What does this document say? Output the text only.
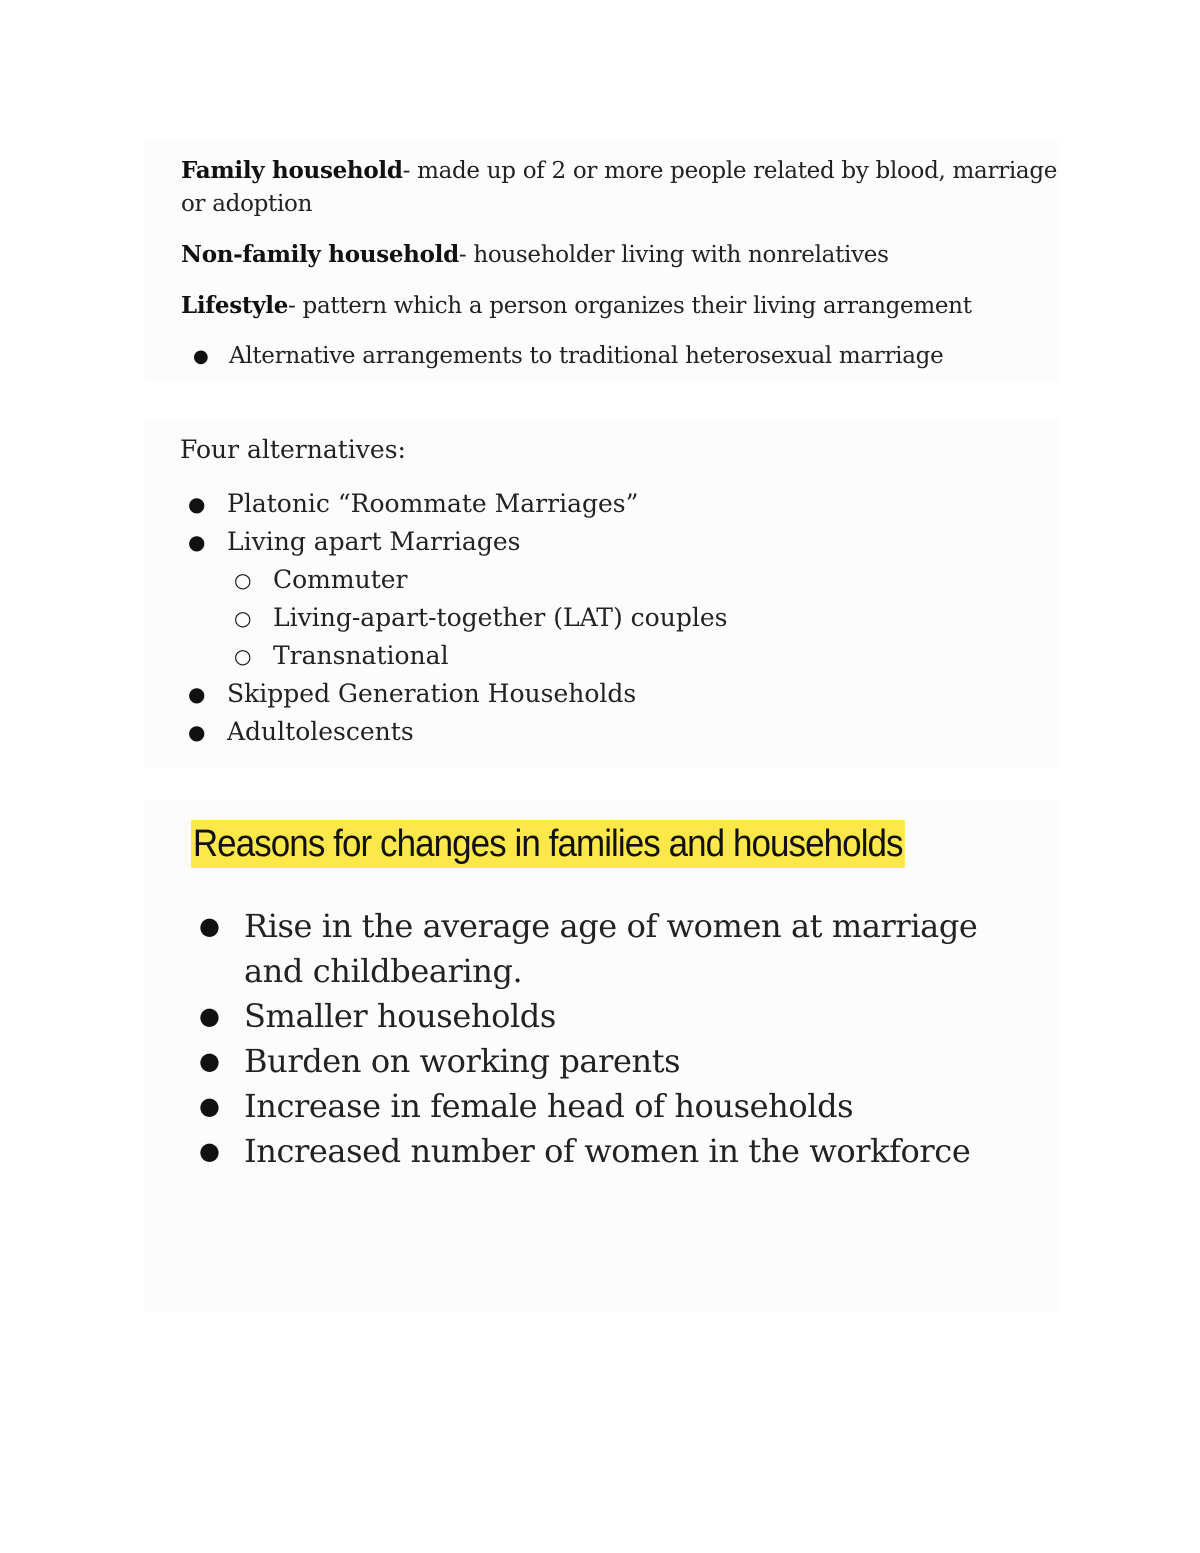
Family household- made up of 2 or more people related by blood, marriage or adoption

Non-family household- householder living with nonrelatives

Lifestyle- pattern which a person organizes their living arrangement

● Alternative arrangements to traditional heterosexual marriage

Four alternatives:

● Platonic “Roommate Marriages”
● Living apart Marriages
○ Commuter
○ Living-apart-together (LAT) couples
○ Transnational
● Skipped Generation Households
● Adultolescents
Reasons for changes in families and households
● Rise in the average age of women at marriage and childbearing.
● Smaller households
● Burden on working parents
● Increase in female head of households
● Increased number of women in the workforce
